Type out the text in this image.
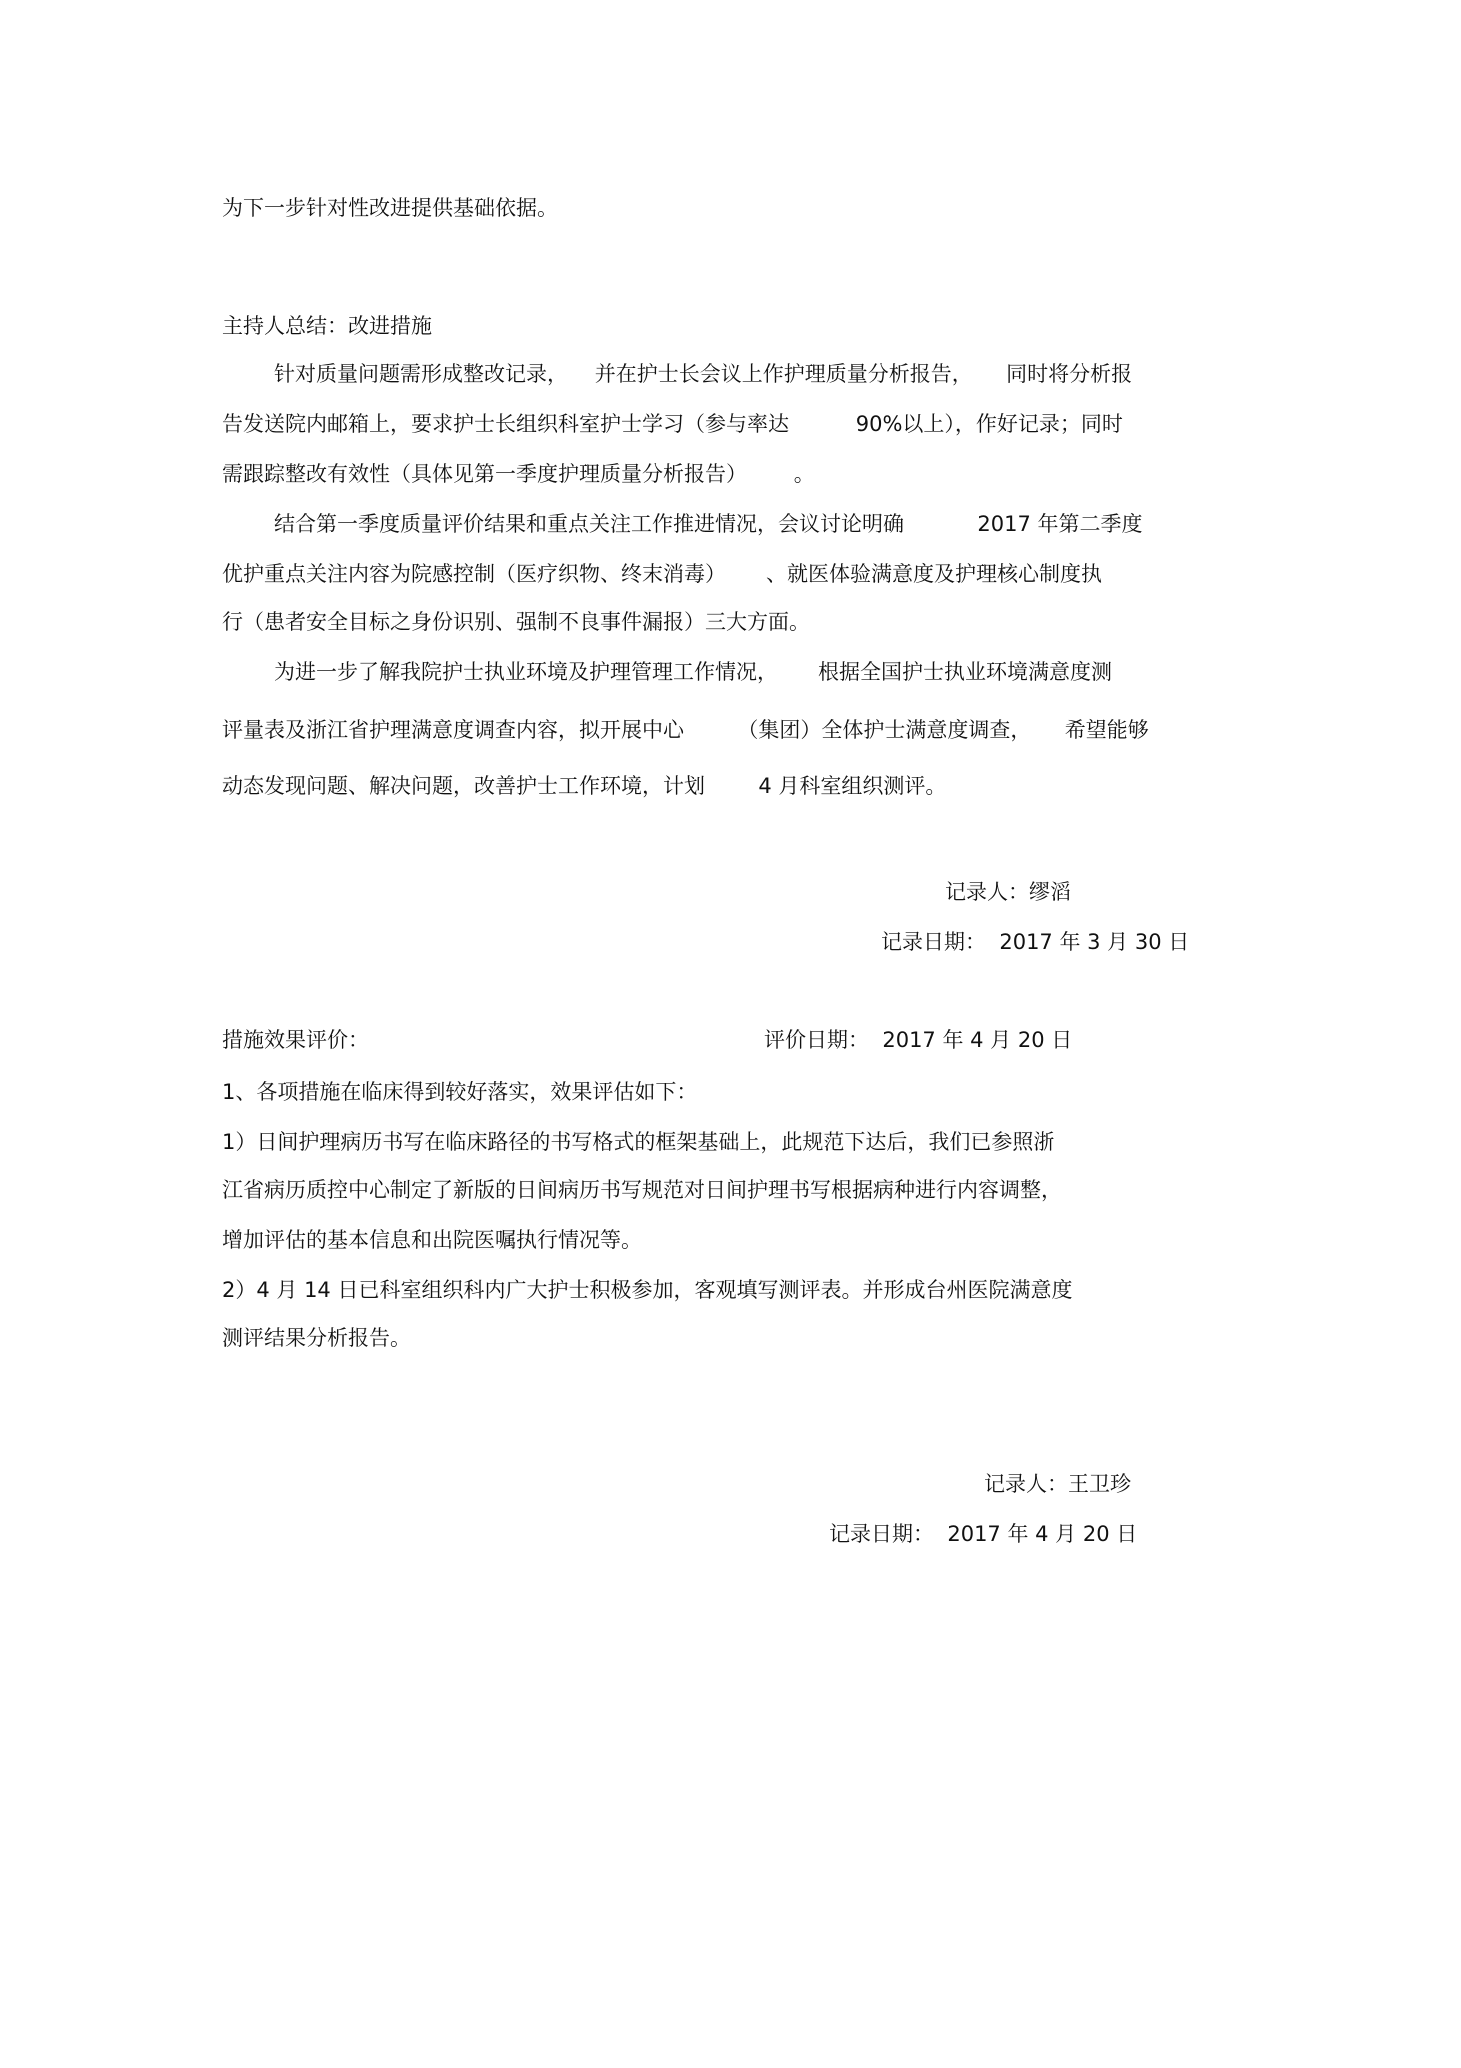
为下一步针对性改进提供基础依据。

主持人总结：改进措施

针对质量问题需形成整改记录，    并在护士长会议上作护理质量分析报告，     同时将分析报

告发送院内邮箱上，要求护士长组织科室护士学习（参与率达          90%以上），作好记录；同时

需跟踪整改有效性（具体见第一季度护理质量分析报告）       。

结合第一季度质量评价结果和重点关注工作推进情况，会议讨论明确           2017 年第二季度

优护重点关注内容为院感控制（医疗织物、终末消毒）      、就医体验满意度及护理核心制度执

行（患者安全目标之身份识别、强制不良事件漏报）三大方面。

为进一步了解我院护士执业环境及护理管理工作情况，      根据全国护士执业环境满意度测

评量表及浙江省护理满意度调查内容，拟开展中心        （集团）全体护士满意度调查，     希望能够

动态发现问题、解决问题，改善护士工作环境，计划        4 月科室组织测评。

记录人：缪滔

记录日期：  2017 年 3 月 30 日

措施效果评价：	评价日期：  2017 年 4 月 20 日

1、各项措施在临床得到较好落实，效果评估如下：

1）日间护理病历书写在临床路径的书写格式的框架基础上，此规范下达后，我们已参照浙

江省病历质控中心制定了新版的日间病历书写规范对日间护理书写根据病种进行内容调整，

增加评估的基本信息和出院医嘱执行情况等。

2）4 月 14 日已科室组织科内广大护士积极参加，客观填写测评表。并形成台州医院满意度

测评结果分析报告。

记录人：王卫珍

记录日期：  2017 年 4 月 20 日
